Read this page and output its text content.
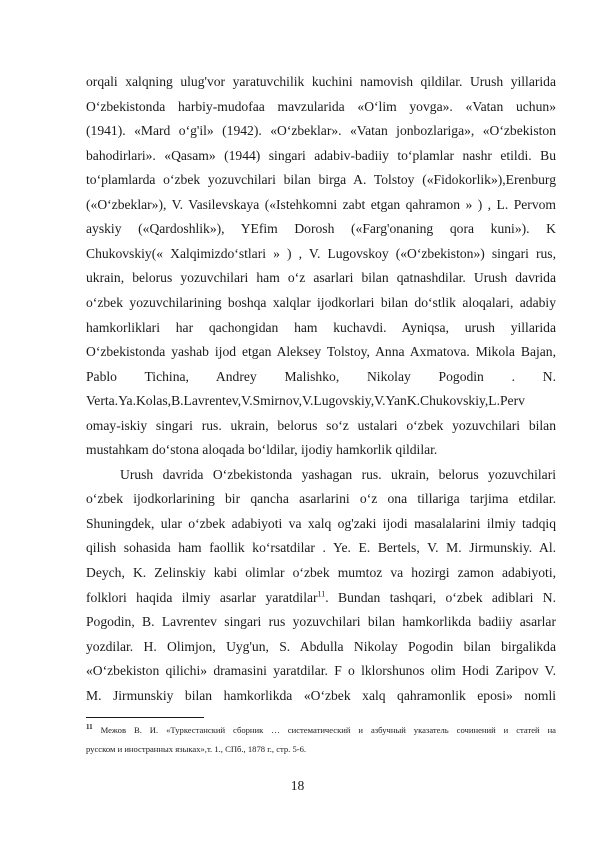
orqali xalqning ulug'vor yaratuvchilik kuchini namovish qildilar. Urush yillarida
O‘zbekistonda harbiy-mudofaa mavzularida «O‘lim yovga». «Vatan uchun»
(1941). «Mard o‘g'il» (1942). «O‘zbeklar». «Vatan jonbozlariga», «O‘zbekiston
bahodirlari». «Qasam» (1944) singari adabiv-badiiy to‘plamlar nashr etildi. Bu
to‘plamlarda o‘zbek yozuvchilari bilan birga A. Tolstoy («Fidokorlik»),Erenburg
(«O‘zbeklar»), V. Vasilevskaya («Istehkomni zabt etgan qahramon » ) , L. Pervom
ayskiy («Qardoshlik»), YEfim Dorosh («Farg'onaning qora kuni»). K
Chukovskiy(« Xalqimizdo‘stlari » ) , V. Lugovskoy («O‘zbekiston») singari rus,
ukrain, belorus yozuvchilari ham o‘z asarlari bilan qatnashdilar. Urush davrida
o‘zbek yozuvchilarining boshqa xalqlar ijodkorlari bilan do‘stlik aloqalari, adabiy
hamkorliklari har qachongidan ham kuchavdi. Ayniqsa, urush yillarida
O‘zbekistonda yashab ijod etgan Aleksey Tolstoy, Anna Axmatova. Mikola Bajan,
Pablo Tichina, Andrey Malishko, Nikolay Pogodin . N.
Verta.Ya.Kolas,B.Lavrentev,V.Smirnov,V.Lugovskiy,V.YanK.Chukovskiy,L.Perv
omay-iskiy singari rus. ukrain, belorus so‘z ustalari o‘zbek yozuvchilari bilan
mustahkam do‘stona aloqada bo‘ldilar, ijodiy hamkorlik qildilar.
Urush davrida O‘zbekistonda yashagan rus. ukrain, belorus yozuvchilari
o‘zbek ijodkorlarining bir qancha asarlarini o‘z ona tillariga tarjima etdilar.
Shuningdek, ular o‘zbek adabiyoti va xalq og'zaki ijodi masalalarini ilmiy tadqiq
qilish sohasida ham faollik ko‘rsatdilar . Ye. E. Bertels, V. M. Jirmunskiy. Al.
Deych, K. Zelinskiy kabi olimlar o‘zbek mumtoz va hozirgi zamon adabiyoti,
folklori haqida ilmiy asarlar yaratdilar$^{11}$. Bundan tashqari, o‘zbek adiblari N.
Pogodin, B. Lavrentev singari rus yozuvchilari bilan hamkorlikda badiiy asarlar
yozdilar. H. Olimjon, Uyg'un, S. Abdulla Nikolay Pogodin bilan birgalikda
«O‘zbekiston qilichi» dramasini yaratdilar. F o lklorshunos olim Hodi Zaripov V.
M. Jirmunskiy bilan hamkorlikda «O‘zbek xalq qahramonlik eposi» nomli
$^{11}$ Межов В. И. «Туркестанский сборник … систематический и азбучный указатель сочинений и статей на
русском и иностранных языках»,т. 1., СПб., 1878 г., стр. 5-6.
18
